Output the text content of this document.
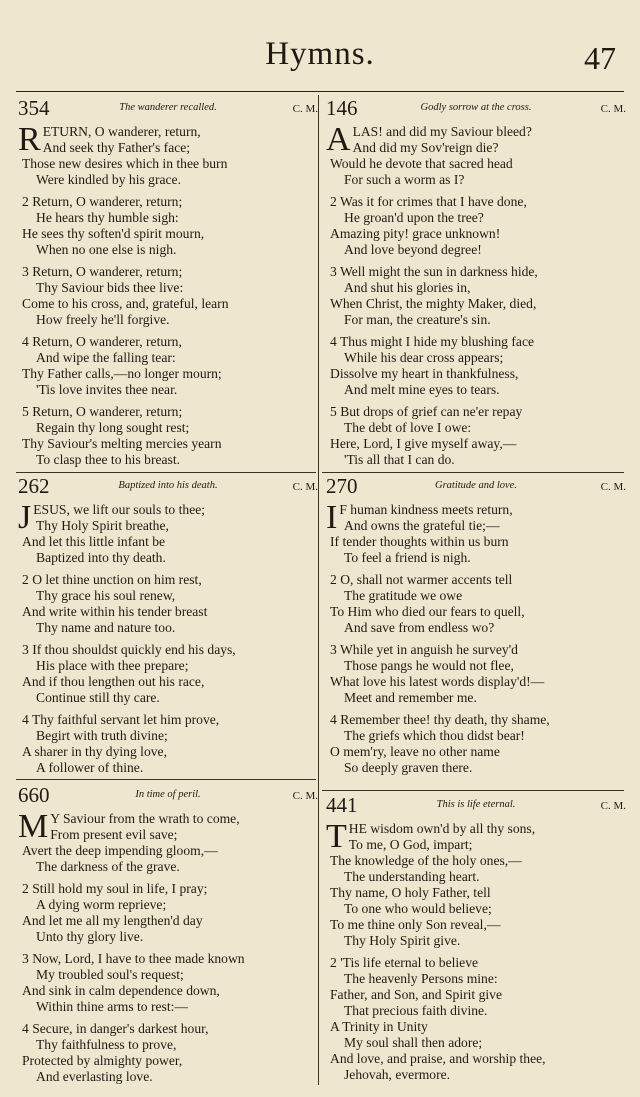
Hymns.	47
354	The wanderer recalled.	C. M.
R ETURN, O wanderer, return,
And seek thy Father's face;
Those new desires which in thee burn
Were kindled by his grace.
2 Return, O wanderer, return;
He hears thy humble sigh:
He sees thy soften'd spirit mourn,
When no one else is nigh.
3 Return, O wanderer, return;
Thy Saviour bids thee live:
Come to his cross, and, grateful, learn
How freely he'll forgive.
4 Return, O wanderer, return,
And wipe the falling tear:
Thy Father calls,—no longer mourn;
'Tis love invites thee near.
5 Return, O wanderer, return;
Regain thy long sought rest;
Thy Saviour's melting mercies yearn
To clasp thee to his breast.
262	Baptized into his death.	C. M.
J ESUS, we lift our souls to thee;
Thy Holy Spirit breathe,
And let this little infant be
Baptized into thy death.
2 O let thine unction on him rest,
Thy grace his soul renew,
And write within his tender breast
Thy name and nature too.
3 If thou shouldst quickly end his days,
His place with thee prepare;
And if thou lengthen out his race,
Continue still thy care.
4 Thy faithful servant let him prove,
Begirt with truth divine;
A sharer in thy dying love,
A follower of thine.
660	In time of peril.	C. M.
M Y Saviour from the wrath to come,
From present evil save;
Avert the deep impending gloom,—
The darkness of the grave.
2 Still hold my soul in life, I pray;
A dying worm reprieve;
And let me all my lengthen'd day
Unto thy glory live.
3 Now, Lord, I have to thee made known
My troubled soul's request;
And sink in calm dependence down,
Within thine arms to rest:—
4 Secure, in danger's darkest hour,
Thy faithfulness to prove,
Protected by almighty power,
And everlasting love.
146	Godly sorrow at the cross.	C. M.
A LAS! and did my Saviour bleed?
And did my Sov'reign die?
Would he devote that sacred head
For such a worm as I?
2 Was it for crimes that I have done,
He groan'd upon the tree?
Amazing pity! grace unknown!
And love beyond degree!
3 Well might the sun in darkness hide,
And shut his glories in,
When Christ, the mighty Maker, died,
For man, the creature's sin.
4 Thus might I hide my blushing face
While his dear cross appears;
Dissolve my heart in thankfulness,
And melt mine eyes to tears.
5 But drops of grief can ne'er repay
The debt of love I owe:
Here, Lord, I give myself away,—
'Tis all that I can do.
270	Gratitude and love.	C. M.
I F human kindness meets return,
And owns the grateful tie;—
If tender thoughts within us burn
To feel a friend is nigh.
2 O, shall not warmer accents tell
The gratitude we owe
To Him who died our fears to quell,
And save from endless wo?
3 While yet in anguish he survey'd
Those pangs he would not flee,
What love his latest words display'd!—
Meet and remember me.
4 Remember thee! thy death, thy shame,
The griefs which thou didst bear!
O mem'ry, leave no other name
So deeply graven there.
441	This is life eternal.	C. M.
T HE wisdom own'd by all thy sons,
To me, O God, impart;
The knowledge of the holy ones,—
The understanding heart.
Thy name, O holy Father, tell
To one who would believe;
To me thine only Son reveal,—
Thy Holy Spirit give.
2 'Tis life eternal to believe
The heavenly Persons mine:
Father, and Son, and Spirit give
That precious faith divine.
A Trinity in Unity
My soul shall then adore;
And love, and praise, and worship thee,
Jehovah, evermore.
